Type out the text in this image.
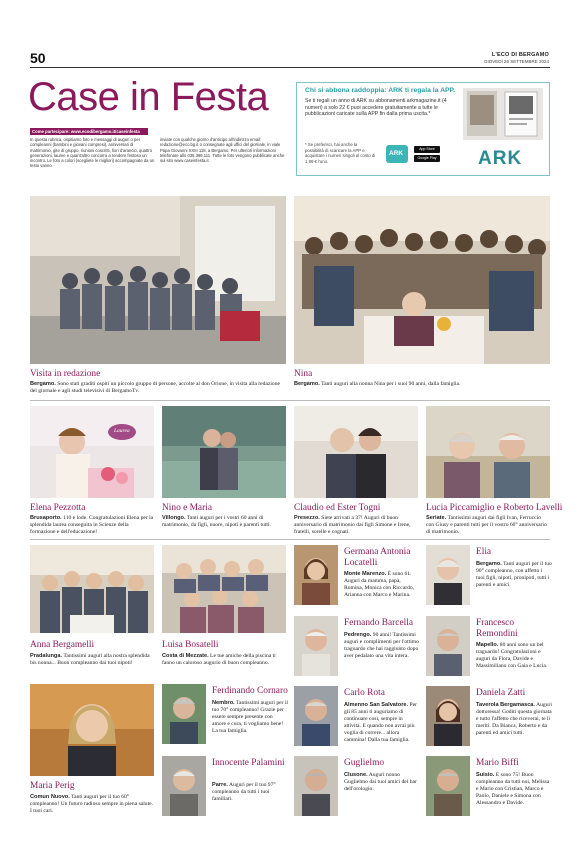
50	L'ECO DI BERGAMO
GIOVEDÌ 26 SETTEMBRE 2024
Case in Festa
Come partecipare: www.ecodibergamo.it/caseinfesta
In questa rubrica, ospitiamo foto e messaggi di auguri o per compleanni (bambini e giovani compresi), anniversari di matrimonio, gite di gruppo, riunioni coscritti, fiori d'arancio, quattro generazioni, lauree e quant'altro concorra a rendere festoso un incontro. Le foto a colori (scegliete le migliori) accompagnate da un testo vanno
inviate con qualche giorno d'anticipo all'indirizzo email: redazione@eco.bg.it o consegnate agli uffici del giornale, in viale Papa Giovanni XXIII 118, a Bergamo. Per ulteriori informazioni telefonare allo 035.386.111. Tutte le foto vengono pubblicate anche sul sito www.caseinfesta.it
Chi si abbona raddoppia: ARK ti regala la APP.
Se ti regali un anno di ARK su abbonamenti.arkmagazine.it (4 numeri) a solo 22 € puoi accedere gratuitamente a tutte le pubblicazioni caricate sulla APP fin dalla prima uscita.*
* Se preferisci, hai anche la possibilità di scaricare la APP e acquistare i numeri singoli al costo di 1,99 € l'uno.
ARK
App Store
Google Play ARK
Visita in redazione
Bergamo. Sono stati graditi ospiti un piccolo gruppo di persone, accolte al don Orione, in visita alla redazione del giornale e agli studi televisivi di BergamoTv.
Nina
Bergamo. Tanti auguri alla nonna Nina per i suoi 90 anni, dalla famiglia.
Laurea
Elena Pezzotta
Brusaporto. 110 e lode. Congratulazioni Elena per la splendida laurea conseguita in Scienze della formazione e dell'educazione!
Nino e Maria
Villongo. Tanti auguri per i vostri 60 anni di matrimonio, da figli, nuore, nipoti e parenti tutti.
Claudio ed Ester Togni
Presezzo. Siete arrivati a 37! Auguri di buon anniversario di matrimonio dai figli Simone e Irene, fratelli, sorelle e cognati.
Lucia Piccamiglio e Roberto Lavelli
Seriate. Tantissimi auguri dai figli Ivan, Ferruccio con Giusy e parenti tutti per il vostro 60° anniversario di matrimonio.
Anna Bergamelli
Pradalunga. Tantissimi auguri alla nostra splendida bis nonna... Buon compleanno dai tuoi nipoti!
Maria Perig
Comun Nuovo. Tanti auguri per il tuo 60° compleanno! Un futuro radioso sempre in piena salute. I tuoi cari.
Luisa Bosatelli
Costa di Mezzate. Le tue amiche della piscina ti fanno un caloroso augurio di buon compleanno.
Ferdinando Cornaro
Nembro. Tantissimi auguri per il tuo 70° compleanno! Grazie per essere sempre presente con amore e cura, ti vogliamo bene! La tua famiglia.
Innocente Palamini
Parre. Auguri per il tuo 97° compleanno da tutti i tuoi familiari.
Germana Antonia Locatelli
Monte Marenzo. È sono 61. Auguri da mamma, papà, Romina, Monica con Riccardo, Arianna con Marco e Marina.
Fernando Barcella
Pedrengo. 90 anni! Tantissimi auguri e complimenti per l'ottimo traguardo che hai raggiunto dopo aver pedalato una vita intera.
Carlo Rota
Almenno San Salvatore. Per gli 85 anni ti auguriamo di continuare così, sempre in attività. E quando non avrai più voglia di correre... allora cammina! Dalla tua famiglia.
Guglielmo
Clusone. Auguri nonno Guglielmo dai tuoi amici del bar dell'orologio.
Elia
Bergamo. Tanti auguri per il tuo 90° compleanno, con affetto i tuoi figli, nipoti, pronipoti, tutti i parenti e amici.
Francesco Remondini
Mapello. 80 anni sono un bel traguardo! Congratulazioni e auguri da Flora, Davide e Massimiliano con Gaia e Lucia.
Daniela Zatti
Taverola Bergamasca. Auguri dottoressa! Goditi questa giornata e tutto l'affetto che riceverai, te li meriti. Da Bianca, Roberto e da parenti ed amici tutti.
Mario Biffi
Suisio. E sono 75! Buon compleanno da tutti noi, Melissa e Mario con Cristian, Marco e Paolo, Daniele e Simona con Alessandro e Davide.
